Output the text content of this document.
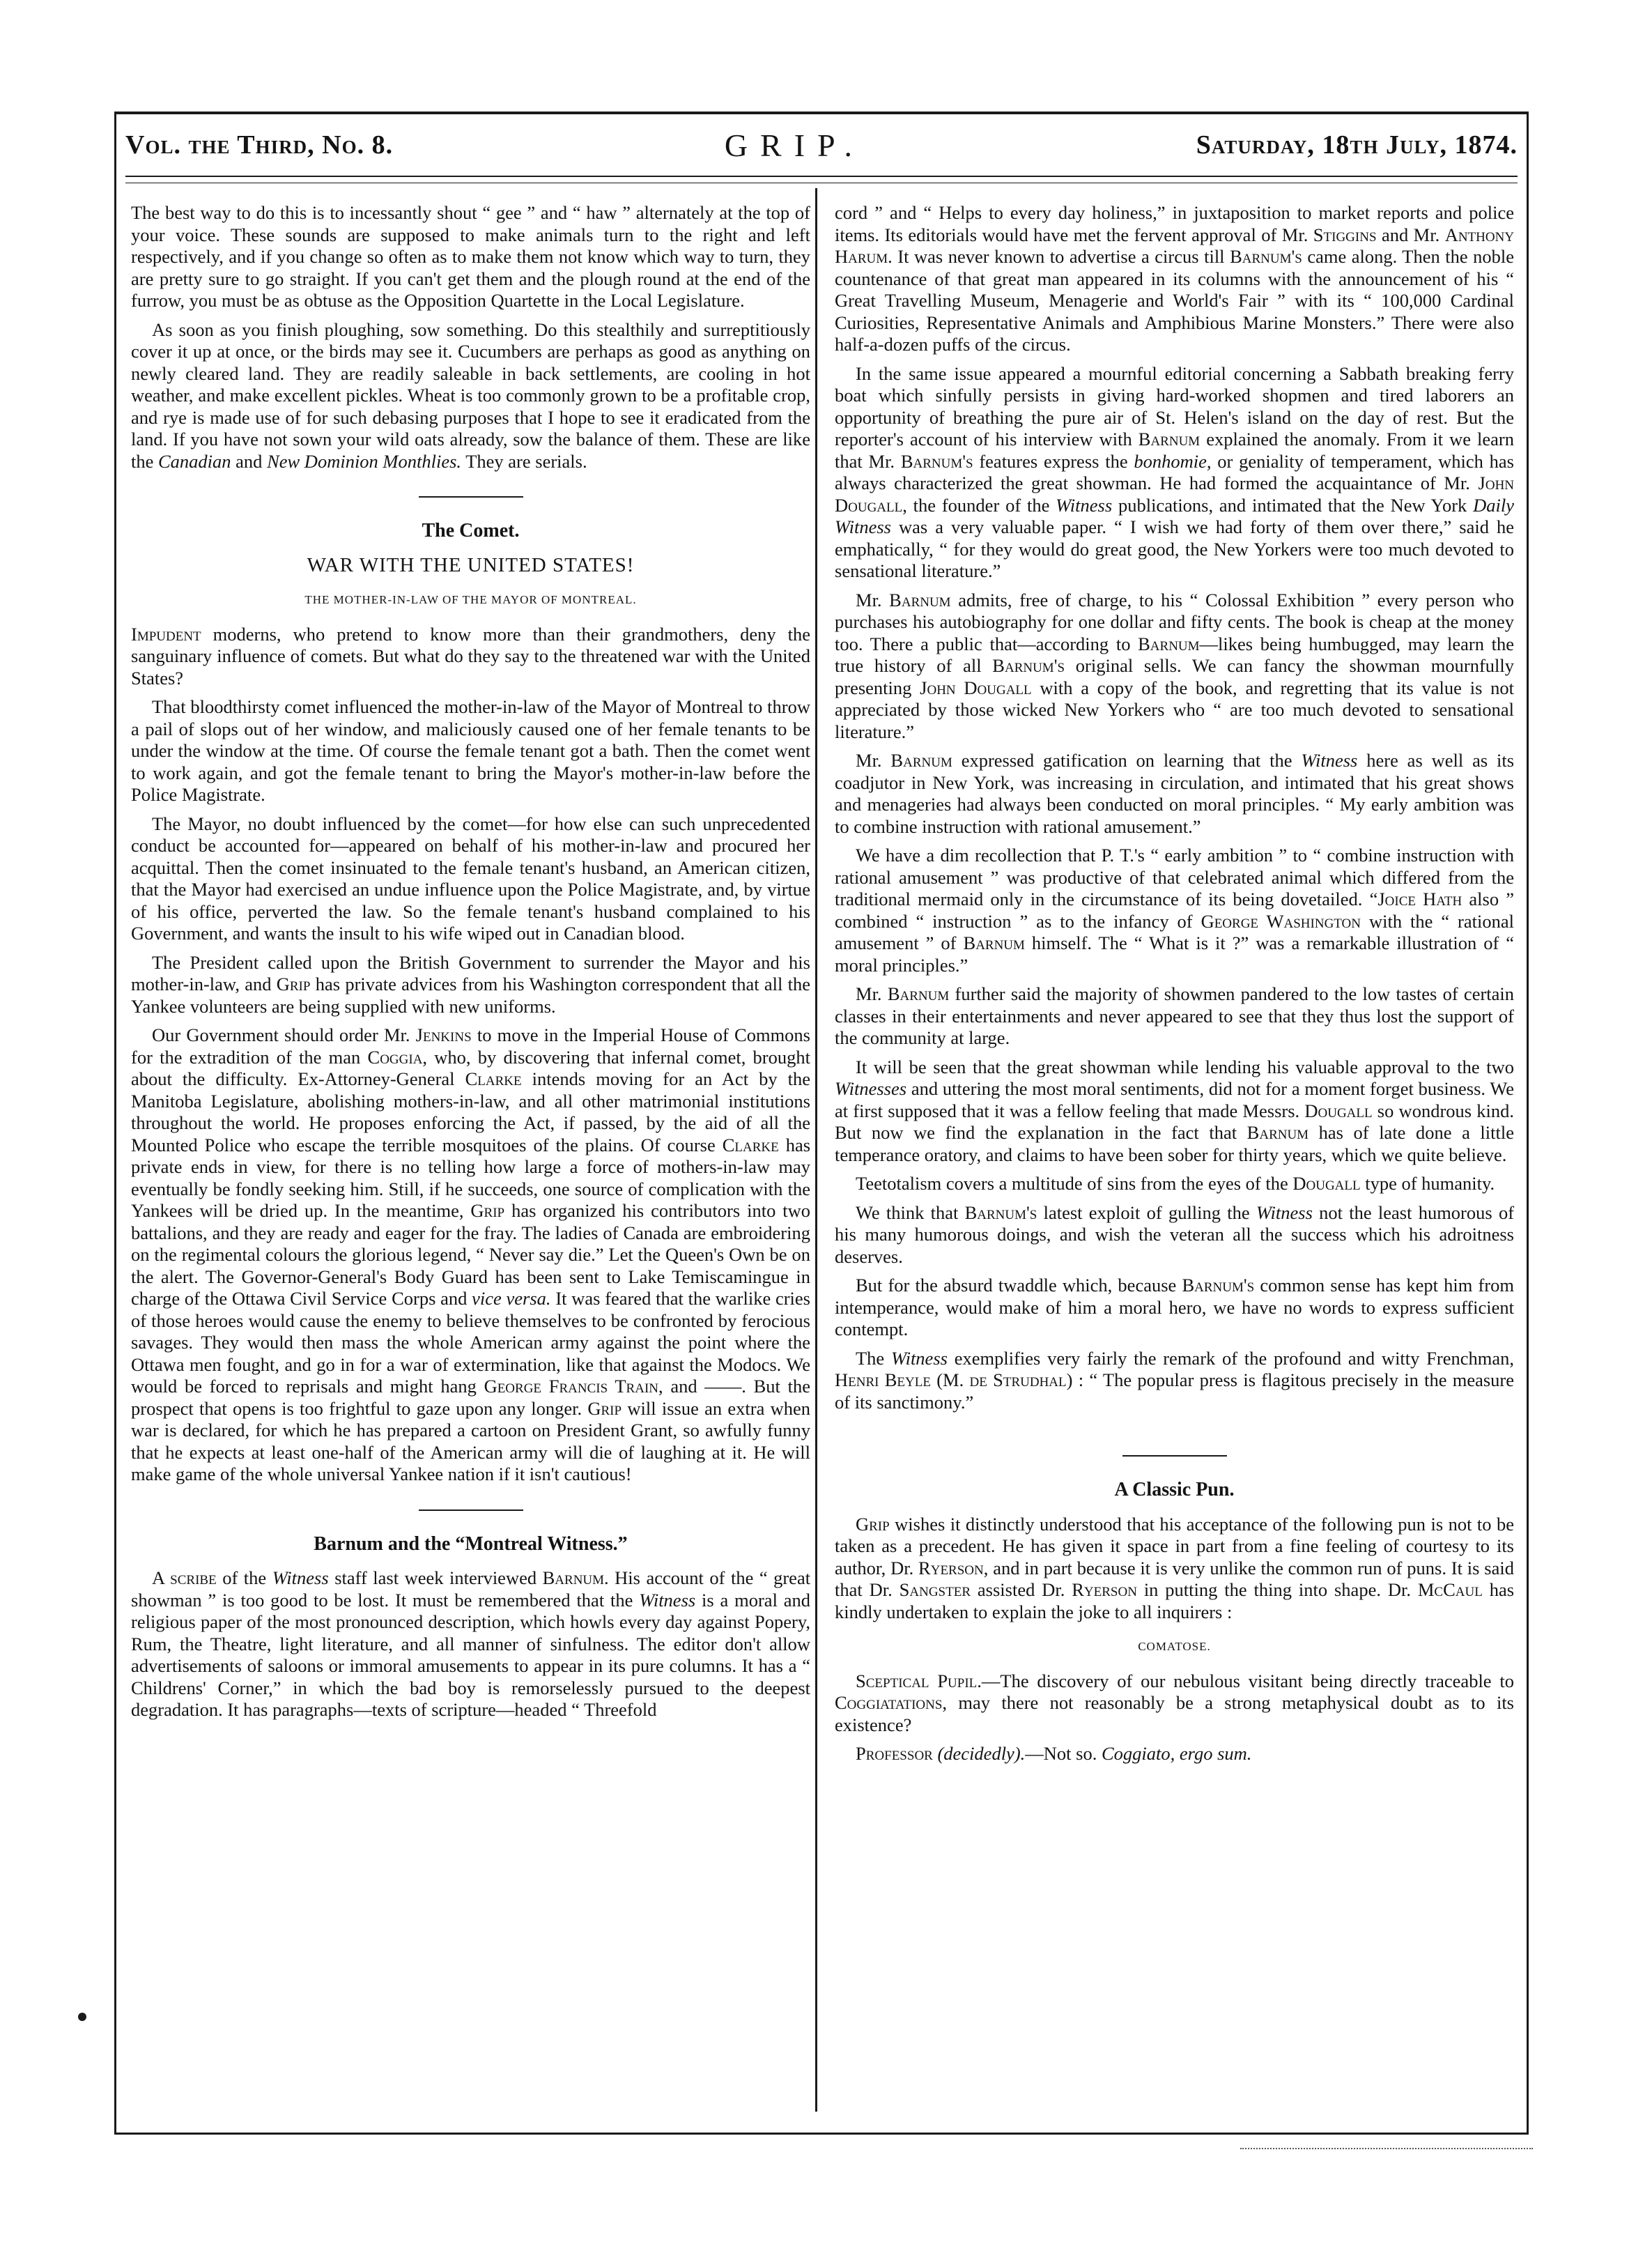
Vol. the Third, No. 8.	GRIP.	Saturday, 18th July, 1874.

The best way to do this is to incessantly shout “ gee ” and “ haw ” alternately at the top of your voice. These sounds are supposed to make animals turn to the right and left respectively, and if you change so often as to make them not know which way to turn, they are pretty sure to go straight. If you can't get them and the plough round at the end of the furrow, you must be as obtuse as the Opposition Quartette in the Local Legislature.

As soon as you finish ploughing, sow something. Do this stealthily and surreptitiously cover it up at once, or the birds may see it. Cucumbers are perhaps as good as anything on newly cleared land. They are readily saleable in back settlements, are cooling in hot weather, and make excellent pickles. Wheat is too commonly grown to be a profitable crop, and rye is made use of for such debasing purposes that I hope to see it eradicated from the land. If you have not sown your wild oats already, sow the balance of them. These are like the Canadian and New Dominion Monthlies. They are serials.

The Comet.
WAR WITH THE UNITED STATES!
THE MOTHER-IN-LAW OF THE MAYOR OF MONTREAL.

Impudent moderns, who pretend to know more than their grandmothers, deny the sanguinary influence of comets. But what do they say to the threatened war with the United States?

That bloodthirsty comet influenced the mother-in-law of the Mayor of Montreal to throw a pail of slops out of her window, and maliciously caused one of her female tenants to be under the window at the time. Of course the female tenant got a bath. Then the comet went to work again, and got the female tenant to bring the Mayor's mother-in-law before the Police Magistrate.

The Mayor, no doubt influenced by the comet—for how else can such unprecedented conduct be accounted for—appeared on behalf of his mother-in-law and procured her acquittal. Then the comet insinuated to the female tenant's husband, an American citizen, that the Mayor had exercised an undue influence upon the Police Magistrate, and, by virtue of his office, perverted the law. So the female tenant's husband complained to his Government, and wants the insult to his wife wiped out in Canadian blood.

The President called upon the British Government to surrender the Mayor and his mother-in-law, and Grip has private advices from his Washington correspondent that all the Yankee volunteers are being supplied with new uniforms.

Our Government should order Mr. Jenkins to move in the Imperial House of Commons for the extradition of the man Coggia, who, by discovering that infernal comet, brought about the difficulty. Ex-Attorney-General Clarke intends moving for an Act by the Manitoba Legislature, abolishing mothers-in-law, and all other matrimonial institutions throughout the world. He proposes enforcing the Act, if passed, by the aid of all the Mounted Police who escape the terrible mosquitoes of the plains. Of course Clarke has private ends in view, for there is no telling how large a force of mothers-in-law may eventually be fondly seeking him. Still, if he succeeds, one source of complication with the Yankees will be dried up. In the meantime, Grip has organized his contributors into two battalions, and they are ready and eager for the fray. The ladies of Canada are embroidering on the regimental colours the glorious legend, “ Never say die.” Let the Queen's Own be on the alert. The Governor-General's Body Guard has been sent to Lake Temiscamingue in charge of the Ottawa Civil Service Corps and vice versa. It was feared that the warlike cries of those heroes would cause the enemy to believe themselves to be confronted by ferocious savages. They would then mass the whole American army against the point where the Ottawa men fought, and go in for a war of extermination, like that against the Modocs. We would be forced to reprisals and might hang George Francis Train, and ——. But the prospect that opens is too frightful to gaze upon any longer. Grip will issue an extra when war is declared, for which he has prepared a cartoon on President Grant, so awfully funny that he expects at least one-half of the American army will die of laughing at it. He will make game of the whole universal Yankee nation if it isn't cautious!

Barnum and the “Montreal Witness.”

A scribe of the Witness staff last week interviewed Barnum. His account of the “ great showman ” is too good to be lost. It must be remembered that the Witness is a moral and religious paper of the most pronounced description, which howls every day against Popery, Rum, the Theatre, light literature, and all manner of sinfulness. The editor don't allow advertisements of saloons or immoral amusements to appear in its pure columns. It has a “ Childrens' Corner,” in which the bad boy is remorselessly pursued to the deepest degradation. It has paragraphs—texts of scripture—headed “ Threefold

cord ” and “ Helps to every day holiness,” in juxtaposition to market reports and police items. Its editorials would have met the fervent approval of Mr. Stiggins and Mr. Anthony Harum. It was never known to advertise a circus till Barnum's came along. Then the noble countenance of that great man appeared in its columns with the announcement of his “ Great Travelling Museum, Menagerie and World's Fair ” with its “ 100,000 Cardinal Curiosities, Representative Animals and Amphibious Marine Monsters.” There were also half-a-dozen puffs of the circus.

In the same issue appeared a mournful editorial concerning a Sabbath breaking ferry boat which sinfully persists in giving hard-worked shopmen and tired laborers an opportunity of breathing the pure air of St. Helen's island on the day of rest. But the reporter's account of his interview with Barnum explained the anomaly. From it we learn that Mr. Barnum's features express the bonhomie, or geniality of temperament, which has always characterized the great showman. He had formed the acquaintance of Mr. John Dougall, the founder of the Witness publications, and intimated that the New York Daily Witness was a very valuable paper. “ I wish we had forty of them over there,” said he emphatically, “ for they would do great good, the New Yorkers were too much devoted to sensational literature.”

Mr. Barnum admits, free of charge, to his “ Colossal Exhibition ” every person who purchases his autobiography for one dollar and fifty cents. The book is cheap at the money too. There a public that—according to Barnum—likes being humbugged, may learn the true history of all Barnum's original sells. We can fancy the showman mournfully presenting John Dougall with a copy of the book, and regretting that its value is not appreciated by those wicked New Yorkers who “ are too much devoted to sensational literature.”

Mr. Barnum expressed gatification on learning that the Witness here as well as its coadjutor in New York, was increasing in circulation, and intimated that his great shows and menageries had always been conducted on moral principles. “ My early ambition was to combine instruction with rational amusement.”

We have a dim recollection that P. T.'s “ early ambition ” to “ combine instruction with rational amusement ” was productive of that celebrated animal which differed from the traditional mermaid only in the circumstance of its being dovetailed. “Joice Hath also ” combined “ instruction ” as to the infancy of George Washington with the “ rational amusement ” of Barnum himself. The “ What is it ?” was a remarkable illustration of “ moral principles.”

Mr. Barnum further said the majority of showmen pandered to the low tastes of certain classes in their entertainments and never appeared to see that they thus lost the support of the community at large.

It will be seen that the great showman while lending his valuable approval to the two Witnesses and uttering the most moral sentiments, did not for a moment forget business. We at first supposed that it was a fellow feeling that made Messrs. Dougall so wondrous kind. But now we find the explanation in the fact that Barnum has of late done a little temperance oratory, and claims to have been sober for thirty years, which we quite believe.

Teetotalism covers a multitude of sins from the eyes of the Dougall type of humanity.

We think that Barnum's latest exploit of gulling the Witness not the least humorous of his many humorous doings, and wish the veteran all the success which his adroitness deserves.

But for the absurd twaddle which, because Barnum's common sense has kept him from intemperance, would make of him a moral hero, we have no words to express sufficient contempt.

The Witness exemplifies very fairly the remark of the profound and witty Frenchman, Henri Beyle (M. de Strudhal) : “ The popular press is flagitous precisely in the measure of its sanctimony.”

A Classic Pun.

Grip wishes it distinctly understood that his acceptance of the following pun is not to be taken as a precedent. He has given it space in part from a fine feeling of courtesy to its author, Dr. Ryerson, and in part because it is very unlike the common run of puns. It is said that Dr. Sangster assisted Dr. Ryerson in putting the thing into shape. Dr. McCaul has kindly undertaken to explain the joke to all inquirers :

COMATOSE.

Sceptical Pupil.—The discovery of our nebulous visitant being directly traceable to Coggiatations, may there not reasonably be a strong metaphysical doubt as to its existence?

Professor (decidedly).—Not so. Coggiato, ergo sum.
